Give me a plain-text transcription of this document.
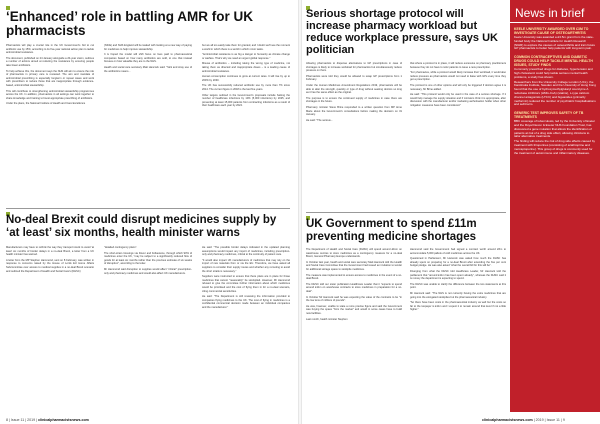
‘Enhanced’ role in battling AMR for UK pharmacists

Pharmacists will play a crucial role in the UK Government's bid to cut antibiotic use by 15%, according to its five-year national action plan to tackle antimicrobial resistance.

The document, published on 24 January alongside a 20-year vision, outlines a number of actions aimed at reducing the resistance by ensuring people take fewer antibiotics.

To help achieve this, the document says the NHS will aim to ensure the role of pharmacists in primary care is reviewed. The aim and mandate of antimicrobial prescribing is especially longterm or repeat cases and work with prescribers to reduce those that are inappropriate through evidence-based, antimicrobial stewardship.

This will contribute to strengthening antimicrobial stewardship programmes across the UK. In addition, pharmacists in all settings can work together to share knowledge and training to boost appropriate prescribing of antibiotics.

Under the plans, the National Institute of Health and Care Excellence

(NICE) and NHS England will be tasked with looking at a new way of paying for medicines to help improve stewardship.

It is hoped the model will shift focus on fees paid to pharmaceutical companies based on how many antibiotics are sold, to one that instead focuses on how valuable they are to the NHS.

Health and social care secretary Matt Hancock said: "Sick and stray use of the antibiotics means...

but we all too easily take them for granted, and I doubt we'll see the moment a world in which there is a world in which minor tasks.

"Antimicrobial resistance is as big a danger to humanity as climate change or warfare. That's why we need an urgent global response."

Misuse of antibiotics – including taking the wrong type of medicine, not taking them as directed and inappropriate doses – is a leading cause of antimicrobial resistance.

Human consumption continues to grow at current rates. It will rise by up to 200% by 2030.

The UK has successfully reduced antibiotic use by more than 7% since 2014. The current figure in 2018 is the last five years.

Other targets outlined in the Government's proposals include halving the number of healthcare infections by 10% (5,000 infections) by 2025, and preventing at least 15,000 patients from contracting infections as a result of their healthcare each year by 2024.

No-deal Brexit could disrupt medicines supply by ‘at least’ six months, health minister warns

Manufacturers may have to rethink the way they transport stock to avoid 'at least' six months of border delays in a no-deal Brexit, a letter from a UK health minister has warned.

A letter from the MP Stephen Hammond, sent on 8 February, was written in response to concerns raised by the House of Lords EU Home Affairs Subcommittee over access to medical supplies in a no-deal Brexit scenario and outlined the Department of Health and Social Care's (DHSC)

"detailed contingency plans".

The short-strait crossings via Dover and Folkestone, through which 90% of medicines enter the UK, "may be subject to a significantly reduced flow of goods for at least six months rather than the previous estimate of six weeks of disruption", according to the letter.

Mr Hammond said disruption to supplies would affect "critical" prescription-only and pharmacy medicines and would also affect UK manufacturers.

He said: "The possible border delays indicated in the updated planning assumptions would impact any import of medicines, including prescription-only and pharmacy medicines, critical to the continuity of patient care.

"It would also impact UK manufacturers of medicines that may rely on the import of raw materials from or via the EU. Therefore, we have asked all suppliers to consider their supply routes and whether any rerouting to avoid the short straits is necessary."

Suppliers were instructed to ensure that there plans are in place for those medicines that cannot "reasonably" be stockpiled. However, Mr Hammond refused to give the committee further information about which medicines would be prioritised and the cost of flying them in for a no-deal scenario, citing commercial sensitivities.

He said: "The Department is still reviewing the information provided to companies flying medicines to the UK. The cost of flying in medicines is a confidential commercial decision made between an individual companies and the manufacturer."

8 | Issue 11 | 2019 | clinicalpharmacistsnews.com
Serious shortage protocol will increase pharmacy workload but reduce workplace pressure, says UK politician

Allowing pharmacists to dispense alternatives to GP prescriptions in case of shortages is likely to increase workload for pharmacists but simultaneously reduce pressure on them.

Pharmacists were told they would be allowed to swap GP prescriptions from 1 February.

Under the Human Medicines Amendment Regulations 2019, pharmacists will be able to alter the strength, quantity or type of drug without seeking doctors so long as it has the same effect as the original.

The purpose is to ensure the continued supply of medicines in case there are shortages in the future.

Pharmacy minister Steve Brine responded to a written question from MP Anne Marie about the Government's consultations before making the decision on 31 January.

He said: "The serious...

that where a protocol is in place, it will reduce excessive on pharmacy practitioners because they do not have to refer patients to issue a new prescription.

"For pharmacies, while a protocol would likely increase their workload, it would also reduce pressure as pharmacists would not need to liaise with GPs every time they get a prescription.

The protocol is one of other options and will only be triggered if doctors agree it is necessary, Mr Brine added.

He said: "This protocol would only be used in the case of a serious shortage. If it would help manage the supply situation and if ministers think it is appropriate, after discussion with the manufacturer and/or marketing authorisation holder when other mitigation measures have been considered."

UK Government to spend £11m preventing medicine shortages

The Department of Health and Social Care (DHSC) will spend around £11m on warehouse centres to store medicines as a contingency measure for a no-deal Brexit, General Pharmacy Europe understands.

In October last year, health and social care secretary Matt Hancock told the Health and Social Care Committee that the Government had issued an invitation to tender for additional storage space to stockpile medicines.

The measure was implemented to ensure access to medicines in the event of a no-deal Brexit.

The DHSC told our sister publication Healthcare Leader that it "expects to spend around £11m on warehouse contracts to store medicines in preparation for a no-deal".

In October Mr Hancock said he was expecting the value of the contracts to be "in the low tens of millions of pounds".

He was, however, unable to state a more precise figure and said the Government was buying the space "from the market" and would in some cases have to build new facilities.

Last month, health minister Stephen

Hammond said the Government had signed a contract worth around £5m to accommodate 5,000 pallets of cold medicines across the UK.

Questioned in Parliament, Mr Hancock was asked how much the DHSC has already spent on preparing for a no-deal Brexit after extending the five per cent budget pledge. He was also asked "what the overall bill for this will be".

Diverging from what the DHSC told Healthcare Leader, Mr Hancock told the parliament that "around £11m has been spent already", whereas the DHSC said it is money the department is expecting to spend.

The DHSC was unable to clarify the difference between the two statements at this point.

Mr Hancock said: "The NHS is not currently having the extra medicines that are going into the elongated stockpiles but the pharmaceutical industry.

"So there have been costs in the pharmaceutical industry as well but the costs so far to the taxpayer is £11m and I expect it to remain around that level if not a little higher."

clinicalpharmacistsnews.com | 2019 | Issue 11 | 9
News in brief
KEELE UNIVERSITY AWARDED OVER £3M TO INVESTIGATE CAUSE OF OSTEOARTHRITIS
Keele University was awarded a £3.5m grant from the state-funded body the National Institute for Health Research (NIHR) to explore the causes of osteoarthritis and train future GP pharmacists to better help patients with long-term pain.
COMMON CONTRACEPTIVES AND DIABETIC DRUGS COULD HELP TACKLE MENTAL HEALTH ISSUES, STUDY FINDS
Commonly prescribed drugs for diabetes, hypertension and high cholesterol could help tackle serious mental health problems, a study has shown.
Researchers from the University College London (UCL), the Karolinska Institute, Sweden and the University of Hong Kong found that the use of hydroxymethylglutaryl coenzyme A reductase inhibitors (HMG-CoA) (statins), L-type calcium channel antagonists (LTCC) and biguanides (primarily metformin) reduced the number of psychiatric hospitalisations and self-harm.
GENERIC TEST IMPROVES SAFETY OF TB TREATMENTS
BBC coverage of tuberculosis, led by the University of Exeter and the Royal Devon & Exeter NHS Foundation Trust, has discovered a gene mutation that allows the identification of patients at risk of a drug side effect, allowing clinicians to tailor alternative treatments.
The finding will reduce the risk of drug side effects caused by treatment with thiopurines (consisting of azathioprine and mercaptopurine). This group of drugs is commonly used for the treatment of autoimmune and inflammatory diseases.
